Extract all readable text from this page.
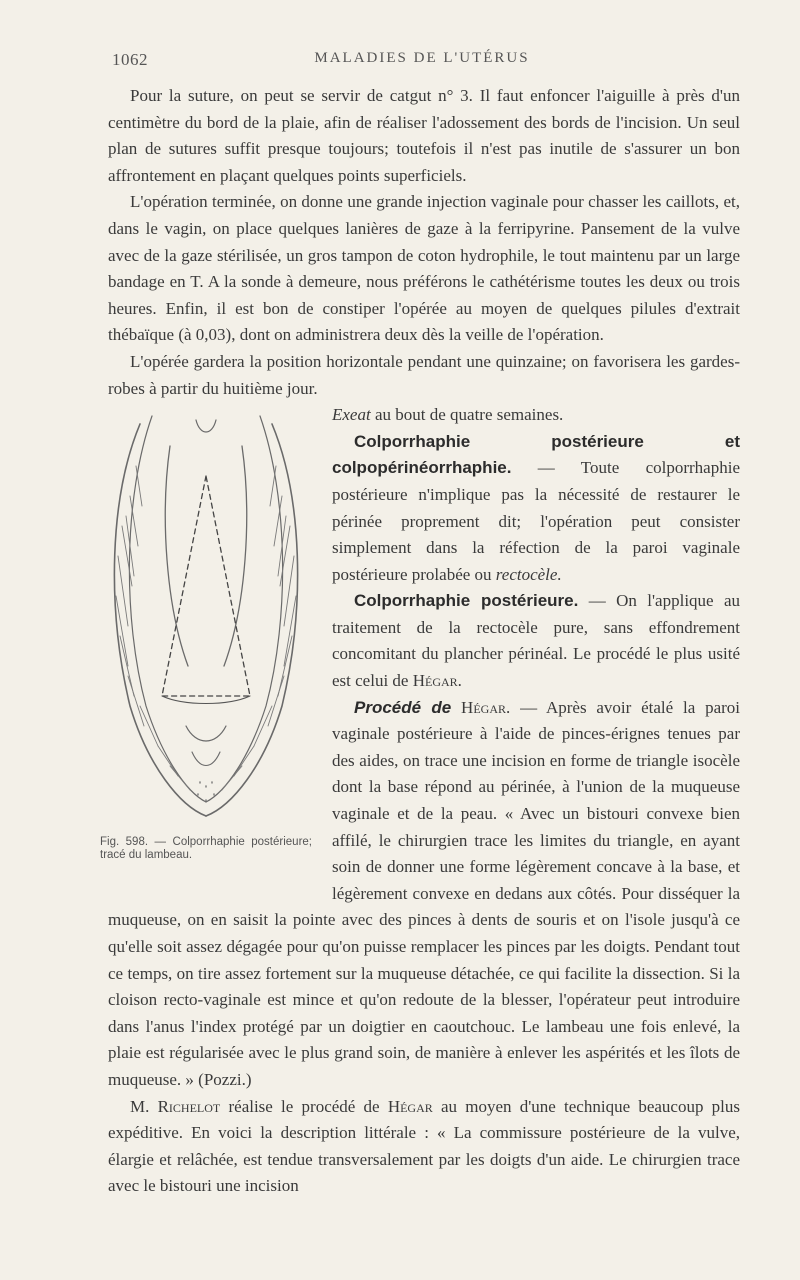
1062	MALADIES DE L'UTÉRUS

Pour la suture, on peut se servir de catgut n° 3. Il faut enfoncer l'aiguille à près d'un centimètre du bord de la plaie, afin de réaliser l'adossement des bords de l'incision. Un seul plan de sutures suffit presque toujours; toutefois il n'est pas inutile de s'assurer un bon affrontement en plaçant quelques points superficiels.

L'opération terminée, on donne une grande injection vaginale pour chasser les caillots, et, dans le vagin, on place quelques lanières de gaze à la ferripyrine. Pansement de la vulve avec de la gaze stérilisée, un gros tampon de coton hydrophile, le tout maintenu par un large bandage en T. A la sonde à demeure, nous préférons le cathétérisme toutes les deux ou trois heures. Enfin, il est bon de constiper l'opérée au moyen de quelques pilules d'extrait thébaïque (à 0,03), dont on administrera deux dès la veille de l'opération.

L'opérée gardera la position horizontale pendant une quinzaine; on favorisera les gardes-robes à partir du huitième jour.

Fig. 598. — Colporrhaphie postérieure; tracé du lambeau.

Exeat au bout de quatre semaines.

Colporrhaphie postérieure et colpopérinéorrhaphie. — Toute colporrhaphie postérieure n'implique pas la nécessité de restaurer le périnée proprement dit; l'opération peut consister simplement dans la réfection de la paroi vaginale postérieure prolabée ou rectocèle.

Colporrhaphie postérieure. — On l'applique au traitement de la rectocèle pure, sans effondrement concomitant du plancher périnéal. Le procédé le plus usité est celui de Hégar.

Procédé de Hégar. — Après avoir étalé la paroi vaginale postérieure à l'aide de pinces-érignes tenues par des aides, on trace une incision en forme de triangle isocèle dont la base répond au périnée, à l'union de la muqueuse vaginale et de la peau. « Avec un bistouri convexe bien affilé, le chirurgien trace les limites du triangle, en ayant soin de donner une forme légèrement concave à la base, et légèrement convexe en dedans aux côtés. Pour disséquer la muqueuse, on en saisit la pointe avec des pinces à dents de souris et on l'isole jusqu'à ce qu'elle soit assez dégagée pour qu'on puisse remplacer les pinces par les doigts. Pendant tout ce temps, on tire assez fortement sur la muqueuse détachée, ce qui facilite la dissection. Si la cloison recto-vaginale est mince et qu'on redoute de la blesser, l'opérateur peut introduire dans l'anus l'index protégé par un doigtier en caoutchouc. Le lambeau une fois enlevé, la plaie est régularisée avec le plus grand soin, de manière à enlever les aspérités et les îlots de muqueuse. » (Pozzi.)

M. Richelot réalise le procédé de Hégar au moyen d'une technique beaucoup plus expéditive. En voici la description littérale : « La commissure postérieure de la vulve, élargie et relâchée, est tendue transversalement par les doigts d'un aide. Le chirurgien trace avec le bistouri une incision
